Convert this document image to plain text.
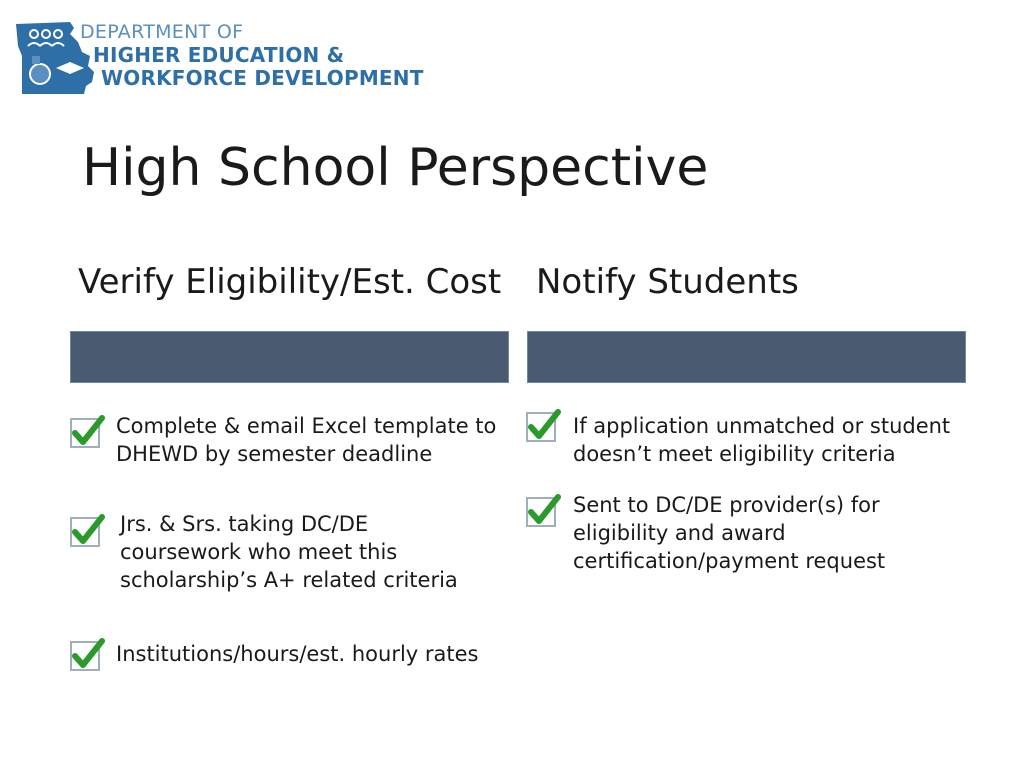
DEPARTMENT OF
HIGHER EDUCATION &
WORKFORCE DEVELOPMENT
High School Perspective
Verify Eligibility/Est. Cost Notify Students
Complete & email Excel template to
DHEWD by semester deadline
Jrs. & Srs. taking DC/DE
coursework who meet this
scholarship’s A+ related criteria
Institutions/hours/est. hourly rates
If application unmatched or student
doesn’t meet eligibility criteria
Sent to DC/DE provider(s) for
eligibility and award
certification/payment request
